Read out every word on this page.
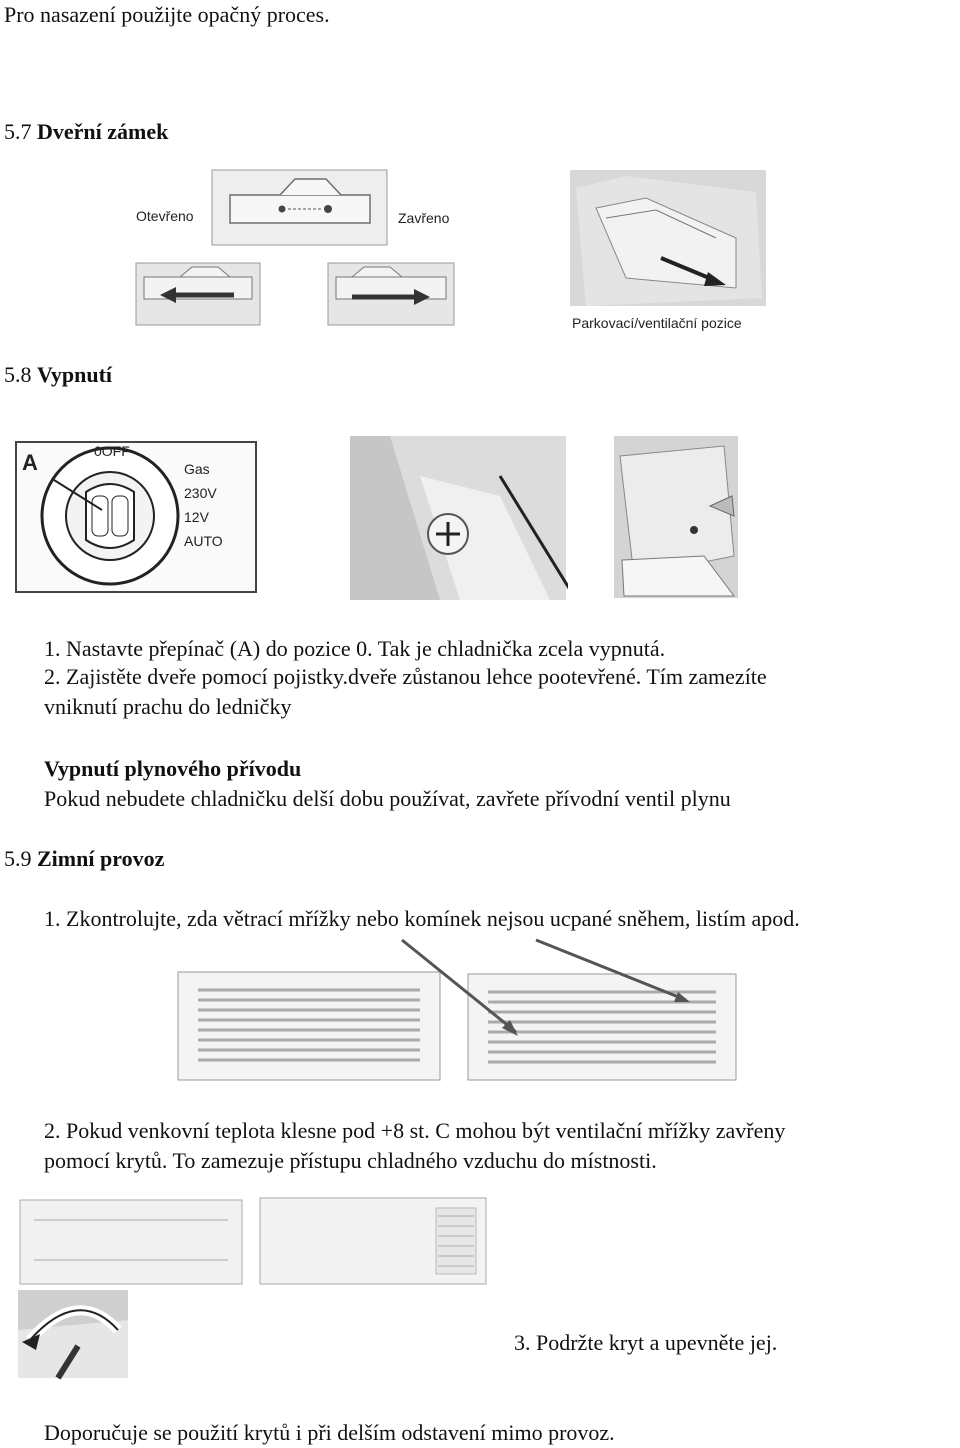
Pro nasazení použijte opačný proces.
5.7 Dveřní zámek
Otevřeno	Zavřeno
Parkovací/ventilační pozice
5.8 Vypnutí
A	0OFF
Gas
230V
12V
AUTO
1. Nastavte přepínač (A) do pozice 0. Tak je chladnička zcela vypnutá.
2. Zajistěte dveře pomocí pojistky.dveře zůstanou lehce pootevřené. Tím zamezíte
vniknutí prachu do ledničky
Vypnutí plynového přívodu
Pokud nebudete chladničku delší dobu používat, zavřete přívodní ventil plynu
5.9 Zimní provoz
1. Zkontrolujte, zda větrací mřížky nebo komínek nejsou ucpané sněhem, listím apod.
2. Pokud venkovní teplota klesne pod +8 st. C mohou být ventilační mřížky zavřeny
pomocí krytů. To zamezuje přístupu chladného vzduchu do místnosti.
3. Podržte kryt a upevněte jej.
Doporučuje se použití krytů i při delším odstavení mimo provoz.
